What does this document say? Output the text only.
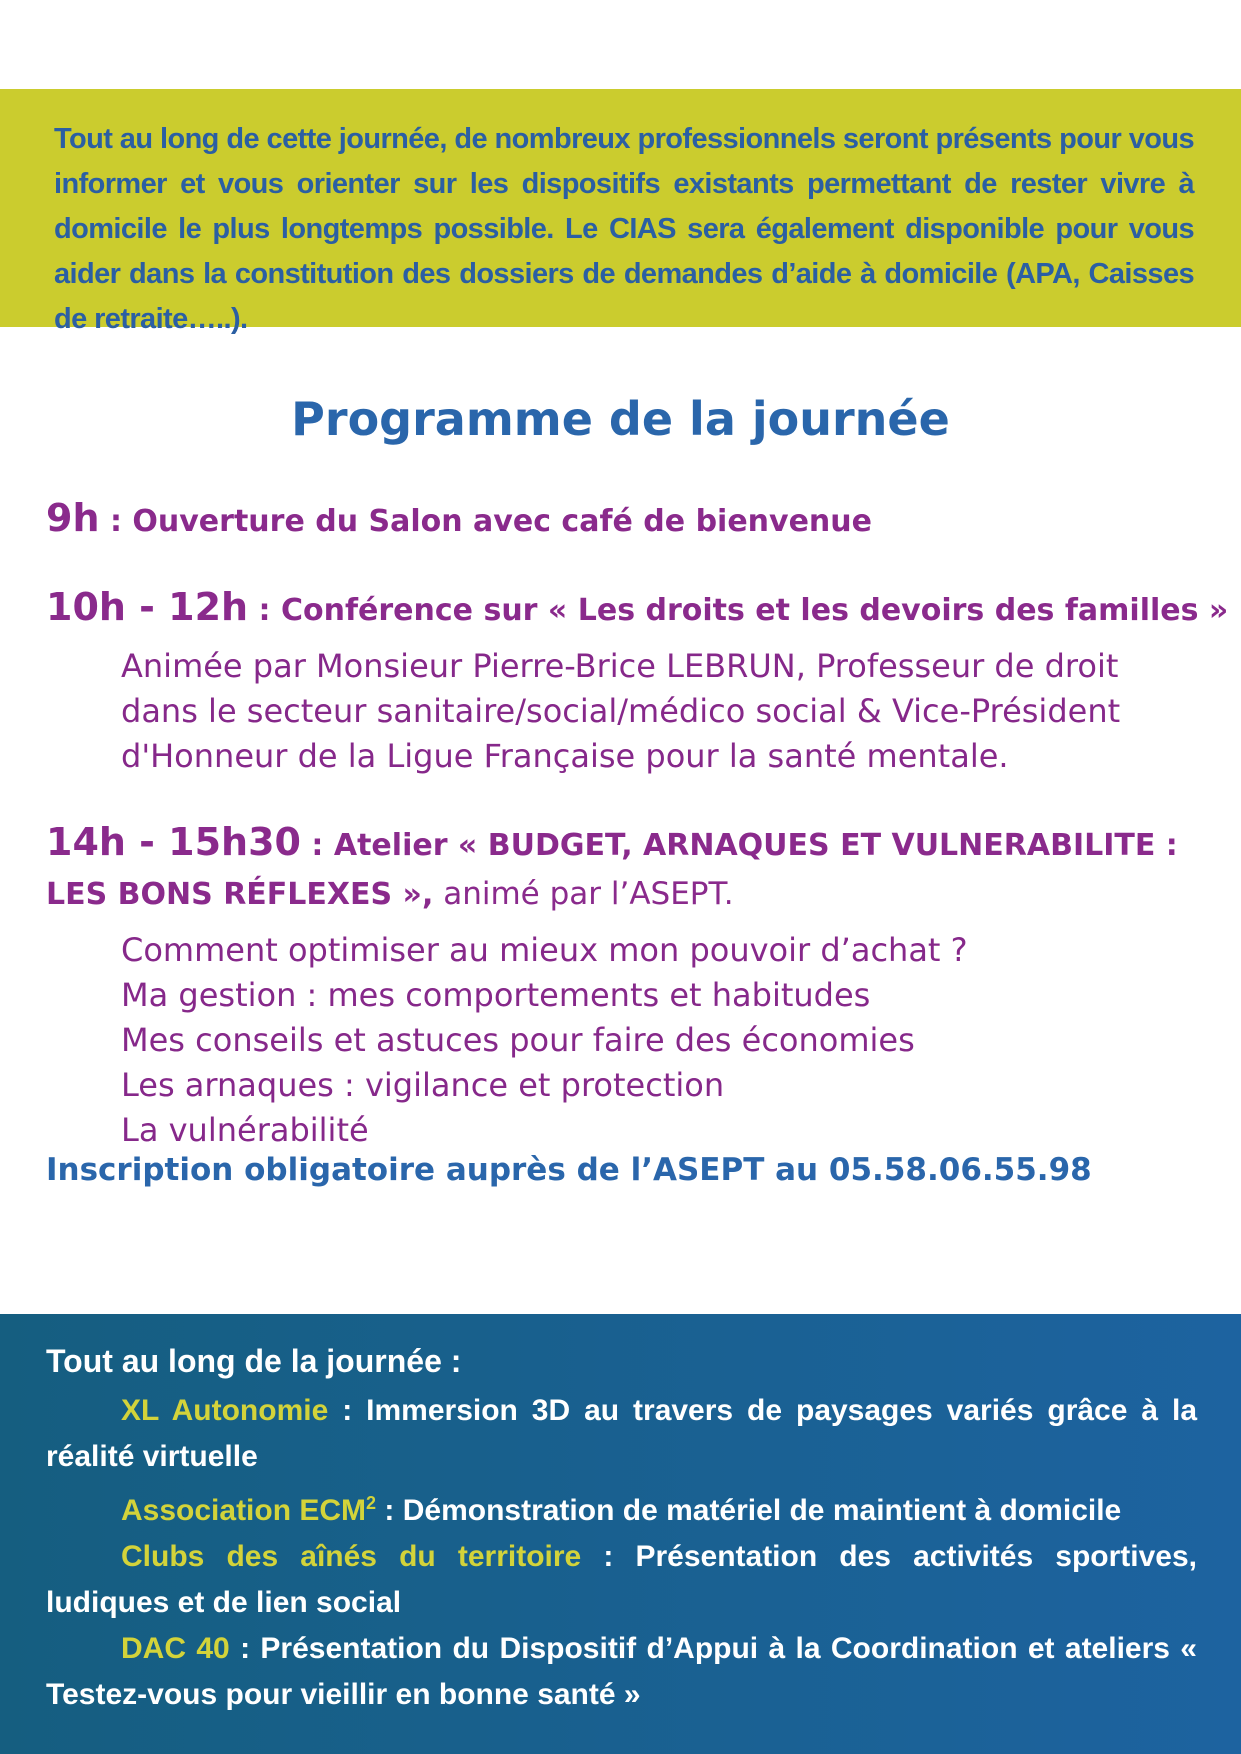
Tout au long de cette journée, de nombreux professionnels seront présents pour vous informer et vous orienter sur les dispositifs existants permettant de rester vivre à domicile le plus longtemps possible. Le CIAS sera également disponible pour vous aider dans la constitution des dossiers de demandes d’aide à domicile (APA, Caisses de retraite…..).

Programme de la journée
9h : Ouverture du Salon avec café de bienvenue
10h - 12h : Conférence sur « Les droits et les devoirs des familles »
Animée par Monsieur Pierre-Brice LEBRUN, Professeur de droit
dans le secteur sanitaire/social/médico social & Vice-Président
d'Honneur de la Ligue Française pour la santé mentale.
14h - 15h30 : Atelier « BUDGET, ARNAQUES ET VULNERABILITE :
LES BONS RÉFLEXES », animé par l’ASEPT.
Comment optimiser au mieux mon pouvoir d’achat ?
Ma gestion : mes comportements et habitudes
Mes conseils et astuces pour faire des économies
Les arnaques : vigilance et protection
La vulnérabilité
Inscription obligatoire auprès de l’ASEPT au 05.58.06.55.98

Tout au long de la journée :

XL Autonomie : Immersion 3D au travers de paysages variés grâce à la réalité virtuelle

Association ECM$^2$ : Démonstration de matériel de maintient à domicile

Clubs des aînés du territoire : Présentation des activités sportives, ludiques et de lien social

DAC 40 : Présentation du Dispositif d’Appui à la Coordination et ateliers « Testez-vous pour vieillir en bonne santé »
